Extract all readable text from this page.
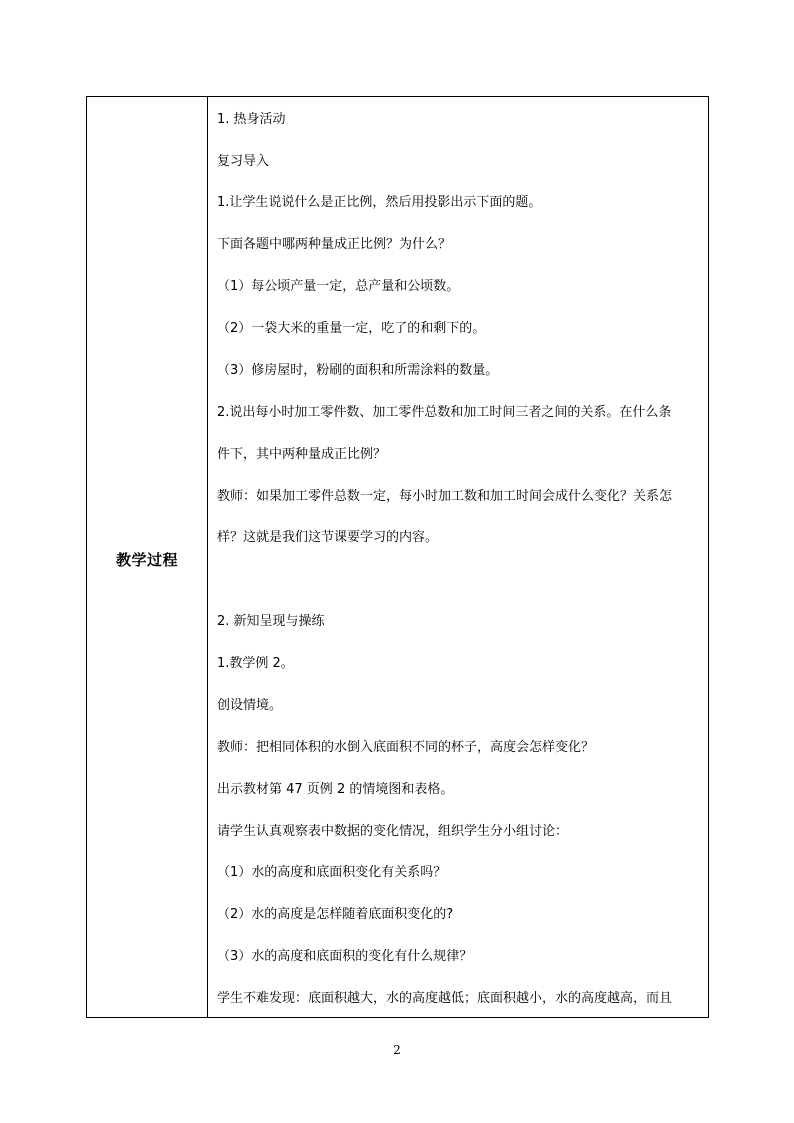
教学过程
1. 热身活动
复习导入
1.让学生说说什么是正比例，然后用投影出示下面的题。
下面各题中哪两种量成正比例？为什么？
（1）每公顷产量一定，总产量和公顷数。
（2）一袋大米的重量一定，吃了的和剩下的。
（3）修房屋时，粉刷的面积和所需涂料的数量。
2.说出每小时加工零件数、加工零件总数和加工时间三者之间的关系。在什么条
件下，其中两种量成正比例？
教师：如果加工零件总数一定，每小时加工数和加工时间会成什么变化？关系怎
样？这就是我们这节课要学习的内容。
2. 新知呈现与操练
1.教学例 2。
创设情境。
教师：把相同体积的水倒入底面积不同的杯子，高度会怎样变化？
出示教材第 47 页例 2 的情境图和表格。
请学生认真观察表中数据的变化情况，组织学生分小组讨论：
（1）水的高度和底面积变化有关系吗？
（2）水的高度是怎样随着底面积变化的?
（3）水的高度和底面积的变化有什么规律？
学生不难发现：底面积越大，水的高度越低；底面积越小，水的高度越高，而且
2
